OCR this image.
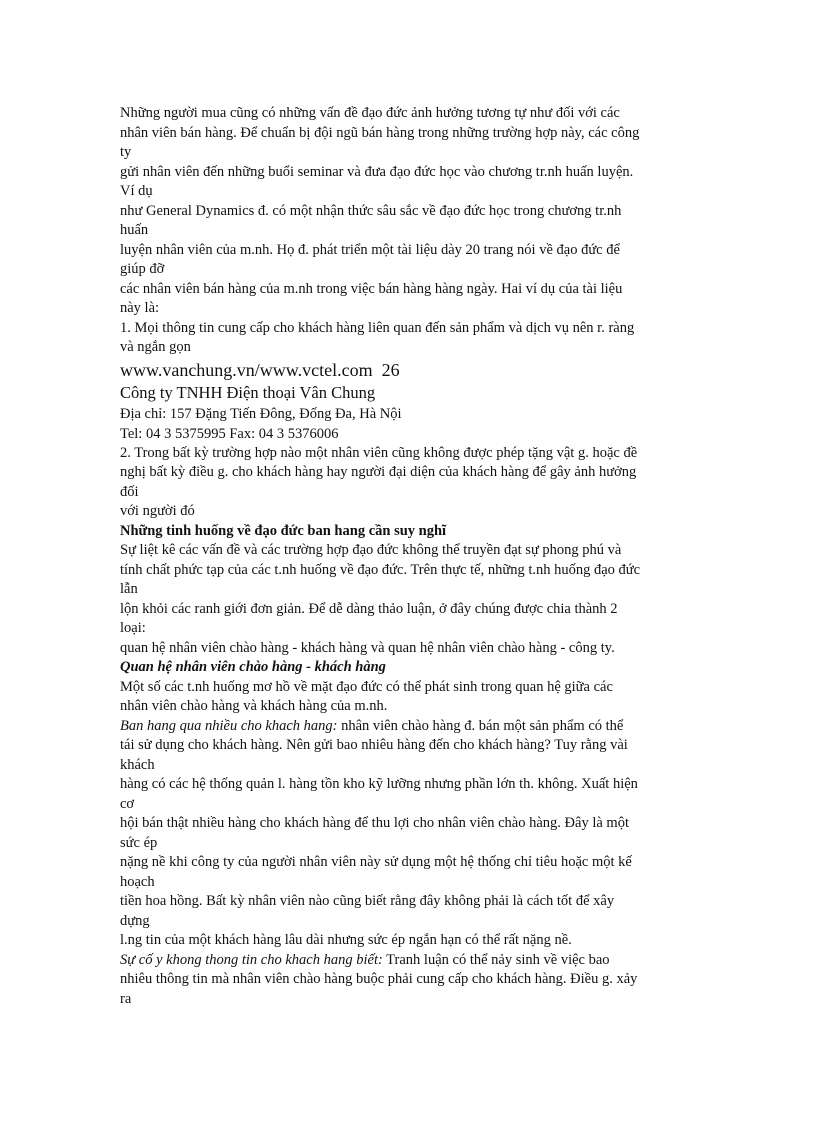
Những người mua cũng có những vấn đề đạo đức ảnh hưởng tương tự như đối với các
nhân viên bán hàng. Để chuẩn bị đội ngũ bán hàng trong những trường hợp này, các công
ty
gửi nhân viên đến những buổi seminar và đưa đạo đức học vào chương tr.nh huấn luyện.
Ví dụ
như General Dynamics đ. có một nhận thức sâu sắc về đạo đức học trong chương tr.nh
huấn
luyện nhân viên của m.nh. Họ đ. phát triển một tài liệu dày 20 trang nói về đạo đức để
giúp đỡ
các nhân viên bán hàng của m.nh trong việc bán hàng hàng ngày. Hai ví dụ của tài liệu
này là:
1. Mọi thông tin cung cấp cho khách hàng liên quan đến sản phẩm và dịch vụ nên r. ràng
và ngắn gọn
www.vanchung.vn/www.vctel.com 26
Công ty TNHH Điện thoại Vân Chung
Địa chỉ: 157 Đặng Tiến Đông, Đống Đa, Hà Nội
Tel: 04 3 5375995 Fax: 04 3 5376006
2. Trong bất kỳ trường hợp nào một nhân viên cũng không được phép tặng vật g. hoặc đề
nghị bất kỳ điều g. cho khách hàng hay người đại diện của khách hàng để gây ảnh hưởng
đối
với người đó
Những tinh huống về đạo đức ban hang cần suy nghĩ
Sự liệt kê các vấn đề và các trường hợp đạo đức không thể truyền đạt sự phong phú và
tính chất phức tạp của các t.nh huống về đạo đức. Trên thực tế, những t.nh huống đạo đức
lẫn
lộn khỏi các ranh giới đơn giản. Để dễ dàng thảo luận, ở đây chúng được chia thành 2
loại:
quan hệ nhân viên chào hàng - khách hàng và quan hệ nhân viên chào hàng - công ty.
Quan hệ nhân viên chào hàng - khách hàng
Một số các t.nh huống mơ hồ về mặt đạo đức có thể phát sinh trong quan hệ giữa các
nhân viên chào hàng và khách hàng của m.nh.
Ban hang qua nhiều cho khach hang: nhân viên chào hàng đ. bán một sản phẩm có thể
tái sử dụng cho khách hàng. Nên gửi bao nhiêu hàng đến cho khách hàng? Tuy rằng vài
khách
hàng có các hệ thống quản l. hàng tồn kho kỹ lưỡng nhưng phần lớn th. không. Xuất hiện
cơ
hội bán thật nhiều hàng cho khách hàng để thu lợi cho nhân viên chào hàng. Đây là một
sức ép
nặng nề khi công ty của người nhân viên này sử dụng một hệ thống chỉ tiêu hoặc một kế
hoạch
tiền hoa hồng. Bất kỳ nhân viên nào cũng biết rằng đây không phải là cách tốt để xây
dựng
l.ng tin của một khách hàng lâu dài nhưng sức ép ngắn hạn có thể rất nặng nề.
Sự cố y khong thong tin cho khach hang biết: Tranh luận có thể nảy sinh về việc bao
nhiêu thông tin mà nhân viên chào hàng buộc phải cung cấp cho khách hàng. Điều g. xảy
ra
